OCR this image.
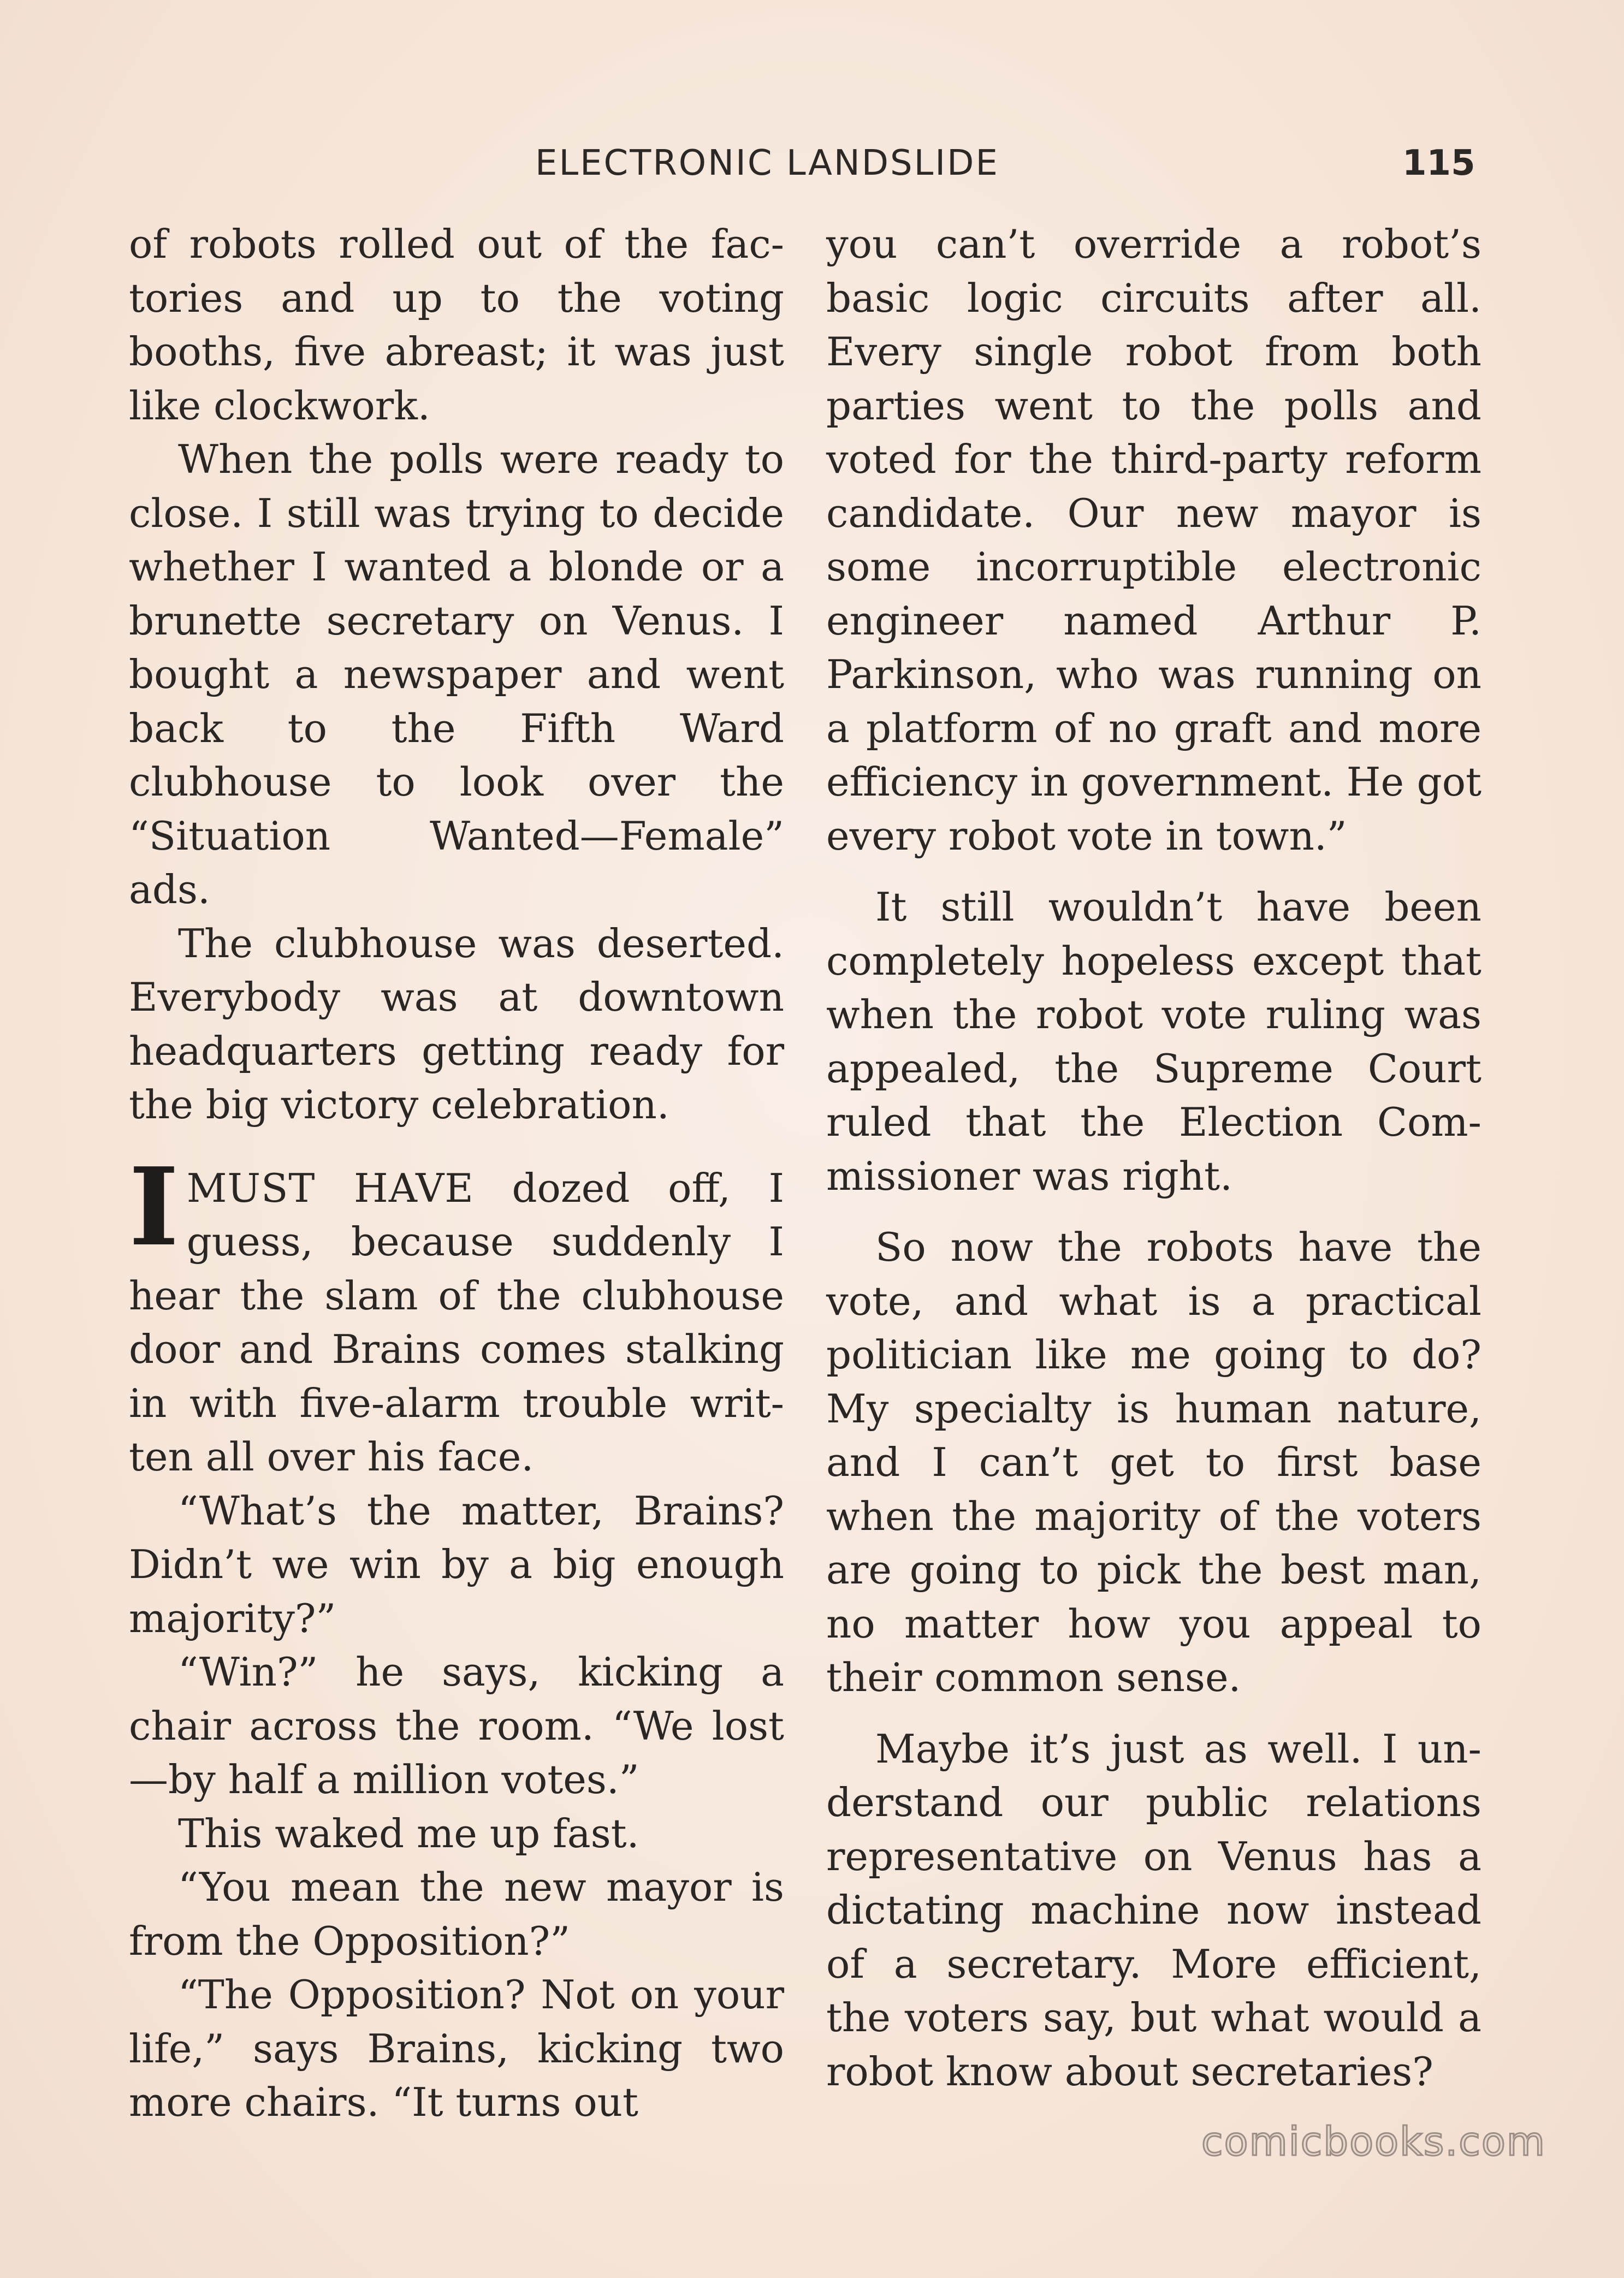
ELECTRONIC LANDSLIDE	115

of robots rolled out of the factories and up to the voting booths, five abreast; it was just like clockwork.

When the polls were ready to close. I still was trying to decide whether I wanted a blonde or a brunette secretary on Venus. I bought a newspaper and went back to the Fifth Ward clubhouse to look over the “Situation Wanted—Female” ads.

The clubhouse was deserted. Everybody was at downtown headquarters getting ready for the big victory celebration.

IMUST HAVE dozed off, I guess, because suddenly I hear the slam of the clubhouse door and Brains comes stalking in with five-alarm trouble written all over his face.

“What’s the matter, Brains? Didn’t we win by a big enough majority?”

“Win?” he says, kicking a chair across the room. “We lost—by half a million votes.”

This waked me up fast.

“You mean the new mayor is from the Opposition?”

“The Opposition? Not on your life,” says Brains, kicking two more chairs. “It turns out

you can’t override a robot’s basic logic circuits after all. Every single robot from both parties went to the polls and voted for the third-party reform candidate. Our new mayor is some incorruptible electronic engineer named Arthur P. Parkinson, who was running on a platform of no graft and more efficiency in government. He got every robot vote in town.”

It still wouldn’t have been completely hopeless except that when the robot vote ruling was appealed, the Supreme Court ruled that the Election Commissioner was right.

So now the robots have the vote, and what is a practical politician like me going to do? My specialty is human nature, and I can’t get to first base when the majority of the voters are going to pick the best man, no matter how you appeal to their common sense.

Maybe it’s just as well. I understand our public relations representative on Venus has a dictating machine now instead of a secretary. More efficient, the voters say, but what would a robot know about secretaries?

comicbooks.com
